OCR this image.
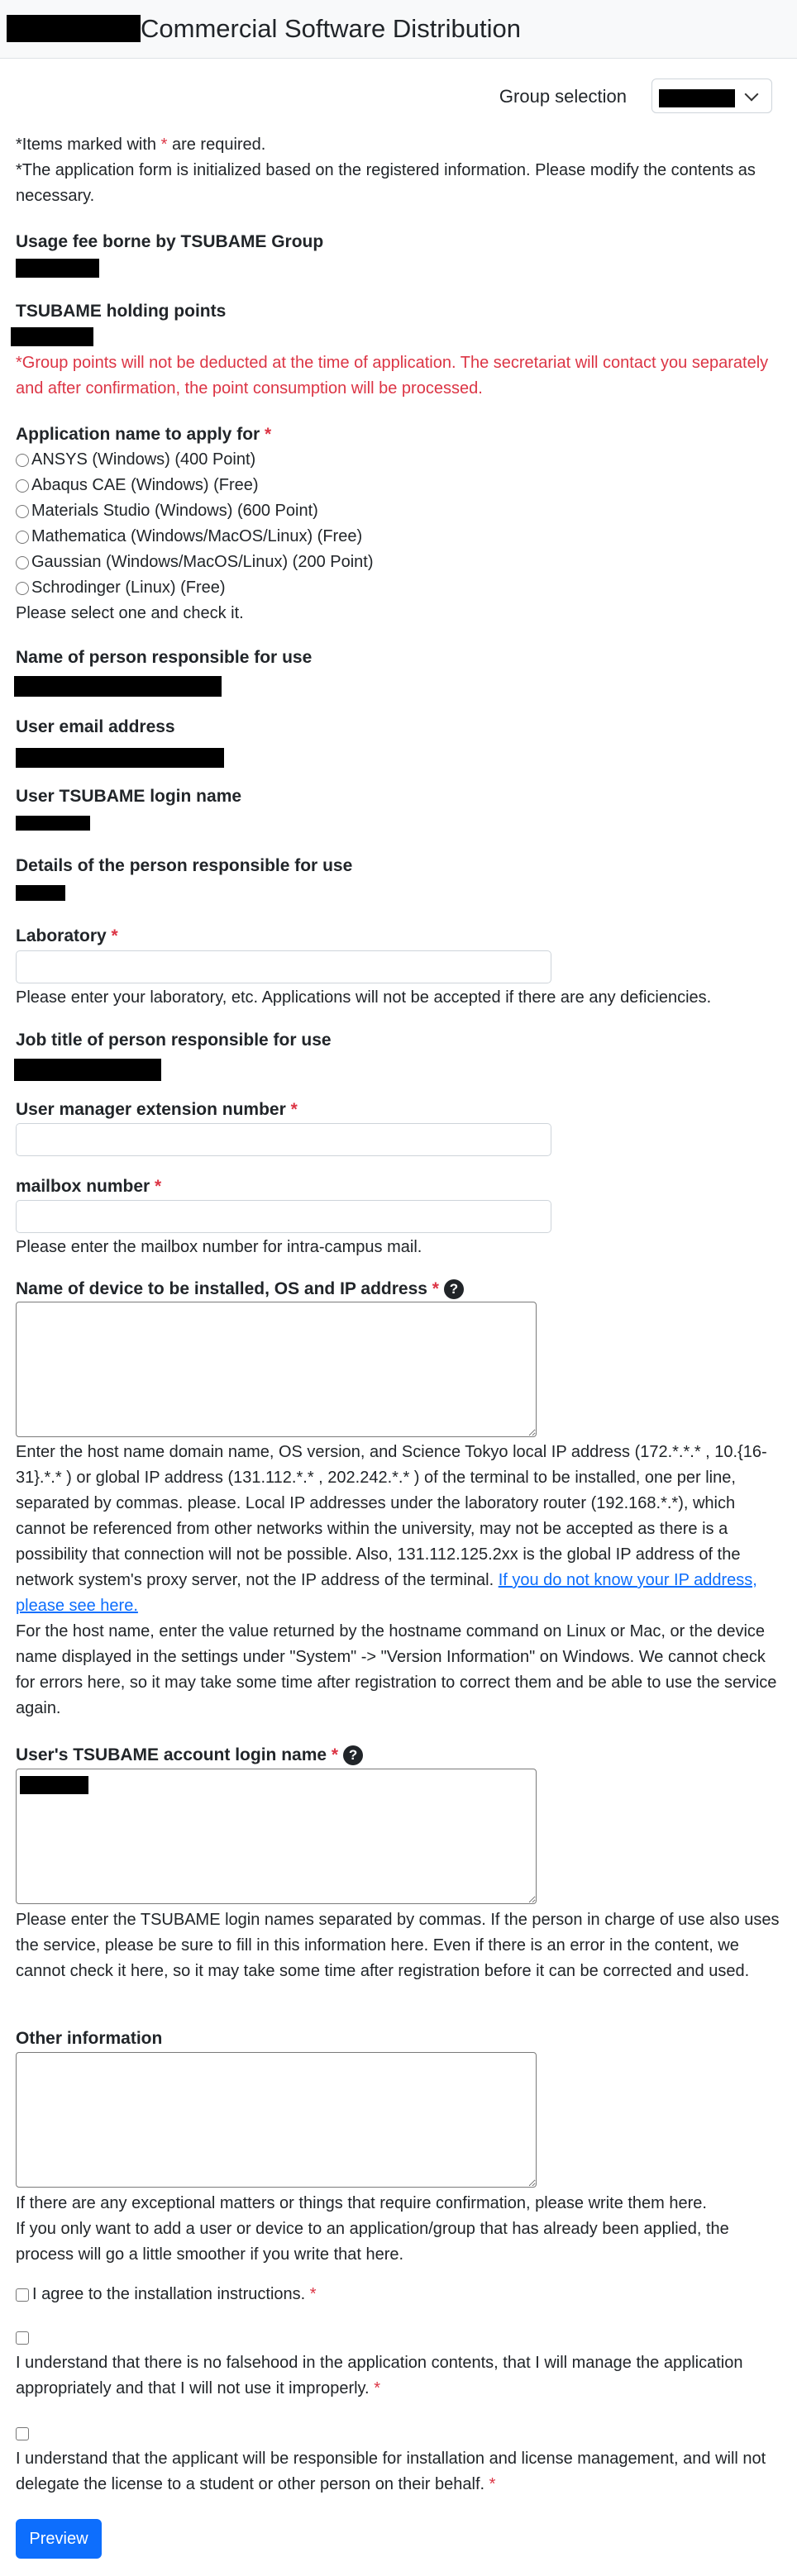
Commercial Software Distribution
Group selection
*Items marked with * are required.

*The application form is initialized based on the registered information. Please modify the contents as necessary.

Usage fee borne by TSUBAME Group

TSUBAME holding points

*Group points will not be deducted at the time of application. The secretariat will contact you separately and after confirmation, the point consumption will be processed.

Application name to apply for *

ANSYS (Windows) (400 Point)
Abaqus CAE (Windows) (Free)
Materials Studio (Windows) (600 Point)
Mathematica (Windows/MacOS/Linux) (Free)
Gaussian (Windows/MacOS/Linux) (200 Point)
Schrodinger (Linux) (Free)

Please select one and check it.

Name of person responsible for use

User email address

User TSUBAME login name

Details of the person responsible for use

Laboratory *

Please enter your laboratory, etc. Applications will not be accepted if there are any deficiencies.

Job title of person responsible for use

User manager extension number *

mailbox number *

Please enter the mailbox number for intra-campus mail.

Name of device to be installed, OS and IP address * ?

Enter the host name domain name, OS version, and Science Tokyo local IP address (172.*.*.* , 10.{16-31}.*.* ) or global IP address (131.112.*.* , 202.242.*.* ) of the terminal to be installed, one per line, separated by commas. please. Local IP addresses under the laboratory router (192.168.*.*), which cannot be referenced from other networks within the university, may not be accepted as there is a possibility that connection will not be possible. Also, 131.112.125.2xx is the global IP address of the network system's proxy server, not the IP address of the terminal. If you do not know your IP address, please see here.

For the host name, enter the value returned by the hostname command on Linux or Mac, or the device name displayed in the settings under "System" -> "Version Information" on Windows. We cannot check for errors here, so it may take some time after registration to correct them and be able to use the service again.

User's TSUBAME account login name * ?

Please enter the TSUBAME login names separated by commas. If the person in charge of use also uses the service, please be sure to fill in this information here. Even if there is an error in the content, we cannot check it here, so it may take some time after registration before it can be corrected and used.

Other information

If there are any exceptional matters or things that require confirmation, please write them here.

If you only want to add a user or device to an application/group that has already been applied, the process will go a little smoother if you write that here.

I agree to the installation instructions.
*

I understand that there is no falsehood in the application contents, that I will manage the application appropriately and that I will not use it improperly. *

I understand that the applicant will be responsible for installation and license management, and will not delegate the license to a student or other person on their behalf. *

Preview
